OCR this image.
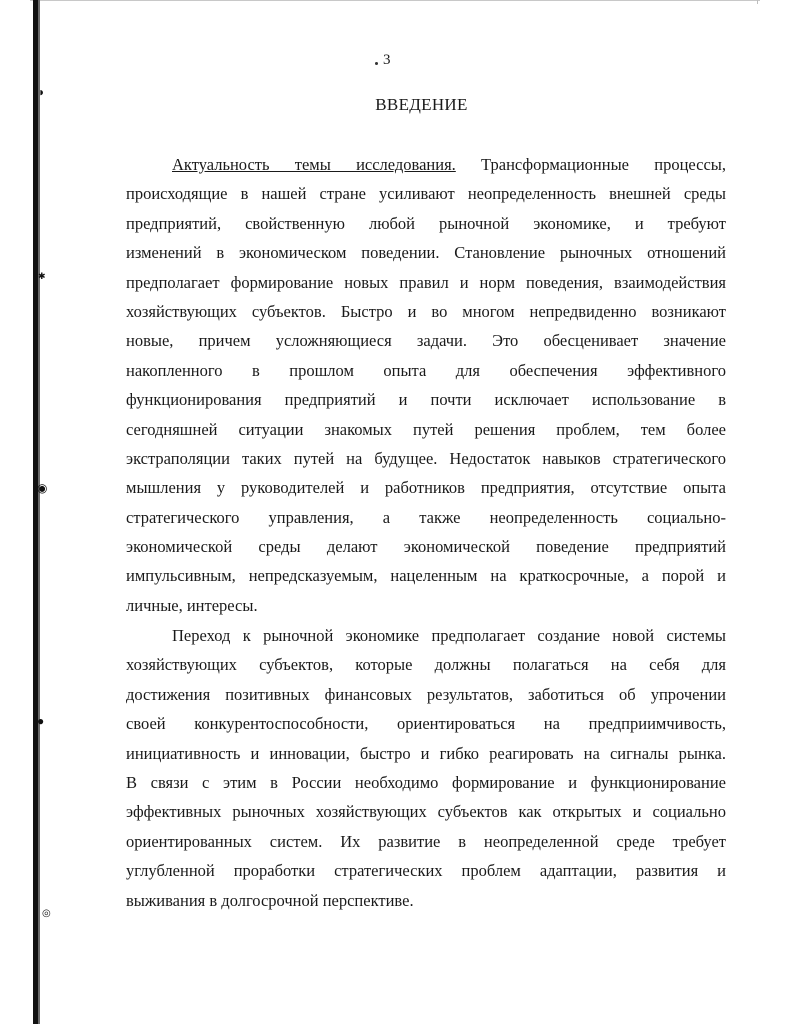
◗
✱
◉
●
◎
3
ВВЕДЕНИЕ
Актуальность темы исследования. Трансформационные процессы,
происходящие в нашей стране усиливают неопределенность внешней среды
предприятий, свойственную любой рыночной экономике, и требуют
изменений в экономическом поведении. Становление рыночных отношений
предполагает формирование новых правил и норм поведения, взаимодействия
хозяйствующих субъектов. Быстро и во многом непредвиденно возникают
новые, причем усложняющиеся задачи. Это обесценивает значение
накопленного в прошлом опыта для обеспечения эффективного
функционирования предприятий и почти исключает использование в
сегодняшней ситуации знакомых путей решения проблем, тем более
экстраполяции таких путей на будущее. Недостаток навыков стратегического
мышления у руководителей и работников предприятия, отсутствие опыта
стратегического управления, а также неопределенность социально-
экономической среды делают экономической поведение предприятий
импульсивным, непредсказуемым, нацеленным на краткосрочные, а порой и
личные, интересы.
Переход к рыночной экономике предполагает создание новой системы
хозяйствующих субъектов, которые должны полагаться на себя для
достижения позитивных финансовых результатов, заботиться об упрочении
своей конкурентоспособности, ориентироваться на предприимчивость,
инициативность и инновации, быстро и гибко реагировать на сигналы рынка.
В связи с этим в России необходимо формирование и функционирование
эффективных рыночных хозяйствующих субъектов как открытых и социально
ориентированных систем. Их развитие в неопределенной среде требует
углубленной проработки стратегических проблем адаптации, развития и
выживания в долгосрочной перспективе.
